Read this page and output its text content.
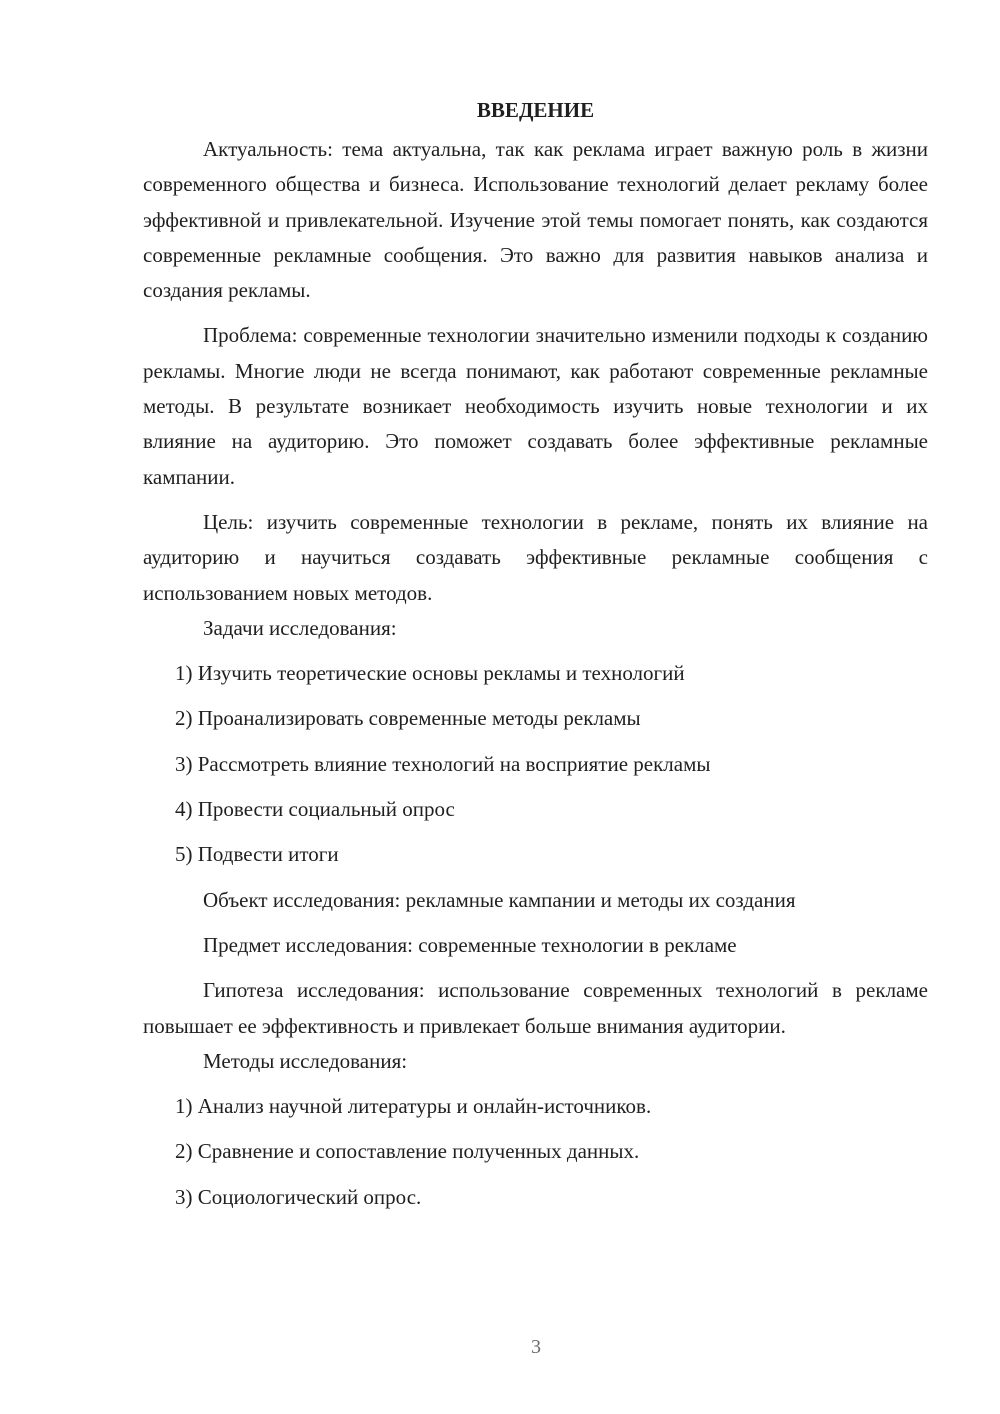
ВВЕДЕНИЕ

Актуальность: тема актуальна, так как реклама играет важную роль в жизни современного общества и бизнеса. Использование технологий делает рекламу более эффективной и привлекательной. Изучение этой темы помогает понять, как создаются современные рекламные сообщения. Это важно для развития навыков анализа и создания рекламы.

Проблема: современные технологии значительно изменили подходы к созданию рекламы. Многие люди не всегда понимают, как работают современные рекламные методы. В результате возникает необходимость изучить новые технологии и их влияние на аудиторию. Это поможет создавать более эффективные рекламные кампании.

Цель: изучить современные технологии в рекламе, понять их влияние на аудиторию и научиться создавать эффективные рекламные сообщения с использованием новых методов.

Задачи исследования:

1) Изучить теоретические основы рекламы и технологий

2) Проанализировать современные методы рекламы

3) Рассмотреть влияние технологий на восприятие рекламы

4) Провести социальный опрос

5) Подвести итоги

Объект исследования: рекламные кампании и методы их создания

Предмет исследования: современные технологии в рекламе

Гипотеза исследования: использование современных технологий в рекламе повышает ее эффективность и привлекает больше внимания аудитории.

Методы исследования:

1) Анализ научной литературы и онлайн-источников.

2) Сравнение и сопоставление полученных данных.

3) Социологический опрос.

3
